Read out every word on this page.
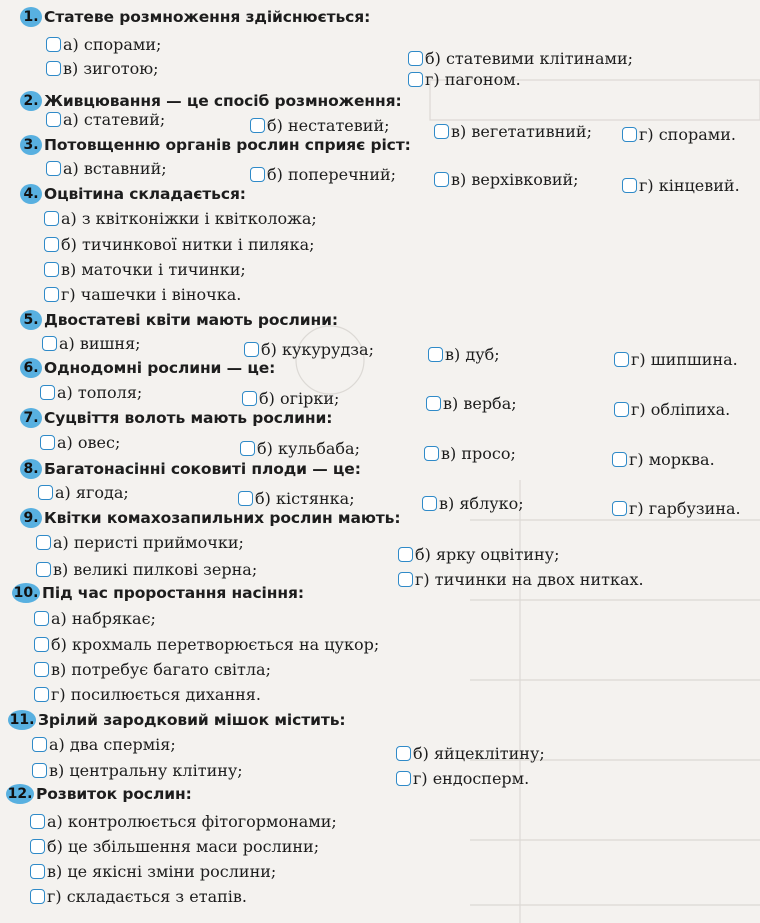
1. Статеве розмноження здійснюється:
а) спорами;
б) статевими клітинами;
в) зиготою;
г) пагоном.
2. Живцювання — це спосіб розмноження:
а) статевий;	б) нестатевий;	в) вегетативний;	г) спорами.
3. Потовщенню органів рослин сприяє ріст:
а) вставний;	б) поперечний;	в) верхівковий;	г) кінцевий.
4. Оцвітина складається:
а) з квітконіжки і квітколожа;
б) тичинкової нитки і пиляка;
в) маточки і тичинки;
г) чашечки і віночка.
5. Двостатеві квіти мають рослини:
а) вишня;	б) кукурудза;	в) дуб;	г) шипшина.
6. Однодомні рослини — це:
а) тополя;	б) огірки;	в) верба;	г) обліпиха.
7. Суцвіття волоть мають рослини:
а) овес;	б) кульбаба;	в) просо;	г) морква.
8. Багатонасінні соковиті плоди — це:
а) ягода;	б) кістянка;	в) яблуко;	г) гарбузина.
9. Квітки комахозапильних рослин мають:
а) перисті приймочки;
б) яркy оцвітину;
в) великі пилкові зерна;
г) тичинки на двох нитках.
10. Під час проростання насіння:
а) набрякає;
б) крохмаль перетворюється на цукор;
в) потребує багато світла;
г) посилюється дихання.
11. Зрілий зародковий мішок містить:
а) два спермія;	б) яйцеклітину;
в) центральну клітину;	г) ендосперм.
12. Розвиток рослин:
а) контролюється фітогормонами;
б) це збільшення маси рослини;
в) це якісні зміни рослини;
г) складається з етапів.
